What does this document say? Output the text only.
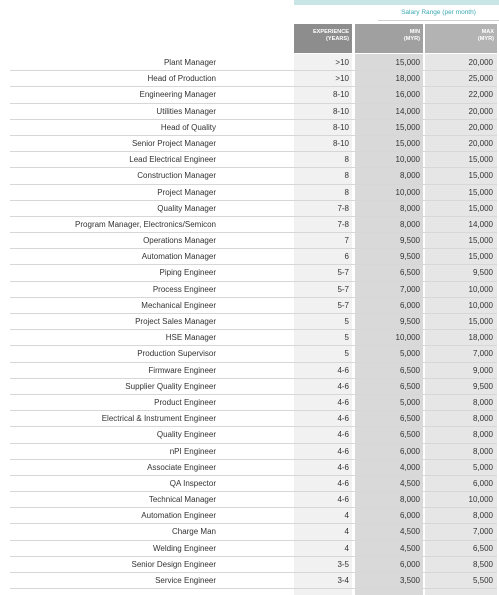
Salary Range (per month)
EXPERIENCE
(YEARS)
MIN
(MYR)
MAX
(MYR)
Plant Manager	>10	15,000	20,000
Head of Production	>10	18,000	25,000
Engineering Manager	8-10	16,000	22,000
Utilities Manager	8-10	14,000	20,000
Head of Quality	8-10	15,000	20,000
Senior Project Manager	8-10	15,000	20,000
Lead Electrical Engineer	8	10,000	15,000
Construction Manager	8	8,000	15,000
Project Manager	8	10,000	15,000
Quality Manager	7-8	8,000	15,000
Program Manager, Electronics/Semicon	7-8	8,000	14,000
Operations Manager	7	9,500	15,000
Automation Manager	6	9,500	15,000
Piping Engineer	5-7	6,500	9,500
Process Engineer	5-7	7,000	10,000
Mechanical Engineer	5-7	6,000	10,000
Project Sales Manager	5	9,500	15,000
HSE Manager	5	10,000	18,000
Production Supervisor	5	5,000	7,000
Firmware Engineer	4-6	6,500	9,000
Supplier Quality Engineer	4-6	6,500	9,500
Product Engineer	4-6	5,000	8,000
Electrical & Instrument Engineer	4-6	6,500	8,000
Quality Engineer	4-6	6,500	8,000
nPI Engineer	4-6	6,000	8,000
Associate Engineer	4-6	4,000	5,000
QA Inspector	4-6	4,500	6,000
Technical Manager	4-6	8,000	10,000
Automation Engineer	4	6,000	8,000
Charge Man	4	4,500	7,000
Welding Engineer	4	4,500	6,500
Senior Design Engineer	3-5	6,000	8,500
Service Engineer	3-4	3,500	5,500
